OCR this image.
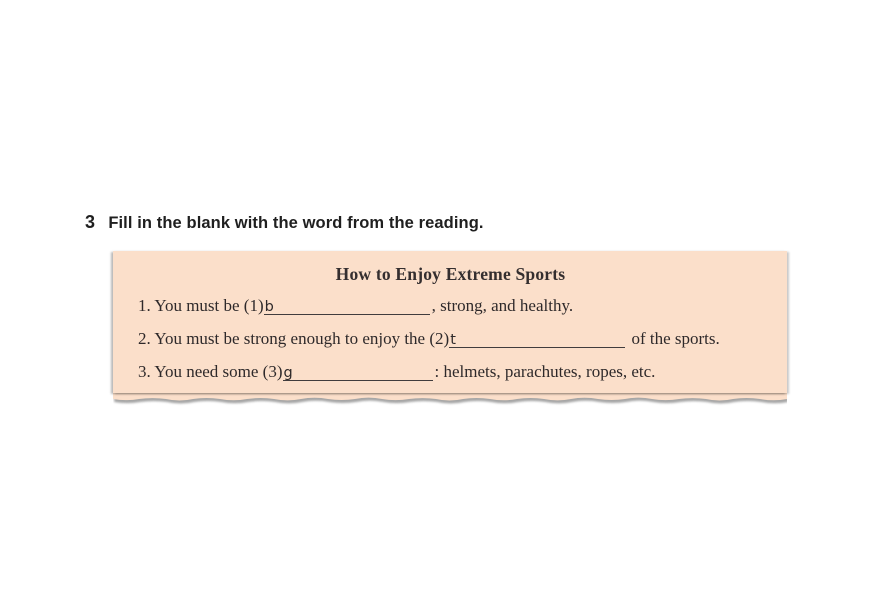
3 Fill in the blank with the word from the reading.
How to Enjoy Extreme Sports
1. You must be (1)b	, strong, and healthy.
2. You must be strong enough to enjoy the (2)t	of the sports.
3. You need some (3)g	: helmets, parachutes, ropes, etc.
